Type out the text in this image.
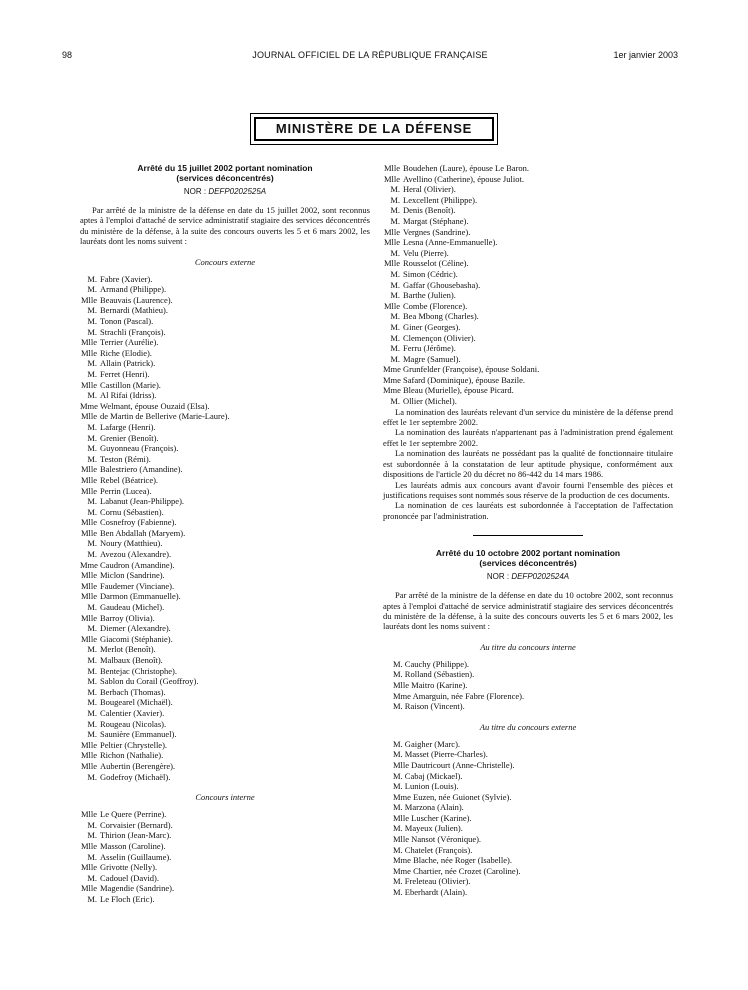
98	JOURNAL OFFICIEL DE LA RÉPUBLIQUE FRANÇAISE	1er janvier 2003
MINISTÈRE DE LA DÉFENSE
Arrêté du 15 juillet 2002 portant nomination
(services déconcentrés)
NOR : DEFP0202525A

Par arrêté de la ministre de la défense en date du 15 juillet 2002, sont reconnus aptes à l'emploi d'attaché de service administratif stagiaire des services déconcentrés du ministère de la défense, à la suite des concours ouverts les 5 et 6 mars 2002, les lauréats dont les noms suivent :

Concours externe
M. Fabre (Xavier).
M. Armand (Philippe).
Mlle Beauvais (Laurence).
M. Bernardi (Mathieu).
M. Tonon (Pascal).
M. Strachli (François).
Mlle Terrier (Aurélie).
Mlle Riche (Elodie).
M. Allain (Patrick).
M. Ferret (Henri).
Mlle Castillon (Marie).
M. Al Rifai (Idriss).
Mme Welmant, épouse Ouzaid (Elsa).
Mlle de Martin de Bellerive (Marie-Laure).
M. Lafarge (Henri).
M. Grenier (Benoît).
M. Guyonneau (François).
M. Teston (Rémi).
Mlle Balestriero (Amandine).
Mlle Rebel (Béatrice).
Mlle Perrin (Lucea).
M. Labanut (Jean-Philippe).
M. Cornu (Sébastien).
Mlle Cosnefroy (Fabienne).
Mlle Ben Abdallah (Maryem).
M. Noury (Matthieu).
M. Avezou (Alexandre).
Mme Caudron (Amandine).
Mlle Miclon (Sandrine).
Mlle Faudemer (Vinciane).
Mlle Darmon (Emmanuelle).
M. Gaudeau (Michel).
Mlle Barroy (Olivia).
M. Diemer (Alexandre).
Mlle Giacomi (Stéphanie).
M. Merlot (Benoît).
M. Malbaux (Benoît).
M. Bentejac (Christophe).
M. Sablon du Corail (Geoffroy).
M. Berbach (Thomas).
M. Bougearel (Michaël).
M. Calentier (Xavier).
M. Rougeau (Nicolas).
M. Saunière (Emmanuel).
Mlle Peltier (Chrystelle).
Mlle Richon (Nathalie).
Mlle Aubertin (Berengère).
M. Godefroy (Michaël).
Concours interne
Mlle Le Quere (Perrine).
M. Corvaisier (Bernard).
M. Thirion (Jean-Marc).
Mlle Masson (Caroline).
M. Asselin (Guillaume).
Mlle Grivotte (Nelly).
M. Cadouel (David).
Mlle Magendie (Sandrine).
M. Le Floch (Eric).
Mlle Boudehen (Laure), épouse Le Baron.
Mlle Avellino (Catherine), épouse Juliot.
M. Heral (Olivier).
M. Lexcellent (Philippe).
M. Denis (Benoît).
M. Margat (Stéphane).
Mlle Vergnes (Sandrine).
Mlle Lesna (Anne-Emmanuelle).
M. Velu (Pierre).
Mlle Rousselot (Céline).
M. Simon (Cédric).
M. Gaffar (Ghousebasha).
M. Barthe (Julien).
Mlle Combe (Florence).
M. Bea Mbong (Charles).
M. Giner (Georges).
M. Clemençon (Olivier).
M. Ferru (Jérôme).
M. Magre (Samuel).
Mme Grunfelder (Françoise), épouse Soldani.
Mme Safard (Dominique), épouse Bazile.
Mme Bleau (Murielle), épouse Picard.
M. Ollier (Michel).

La nomination des lauréats relevant d'un service du ministère de la défense prend effet le 1er septembre 2002.

La nomination des lauréats n'appartenant pas à l'administration prend également effet le 1er septembre 2002.

La nomination des lauréats ne possédant pas la qualité de fonctionnaire titulaire est subordonnée à la constatation de leur aptitude physique, conformément aux dispositions de l'article 20 du décret no 86-442 du 14 mars 1986.

Les lauréats admis aux concours avant d'avoir fourni l'ensemble des pièces et justifications requises sont nommés sous réserve de la production de ces documents.

La nomination de ces lauréats est subordonnée à l'acceptation de l'affectation prononcée par l'administration.

Arrêté du 10 octobre 2002 portant nomination
(services déconcentrés)
NOR : DEFP0202524A

Par arrêté de la ministre de la défense en date du 10 octobre 2002, sont reconnus aptes à l'emploi d'attaché de service administratif stagiaire des services déconcentrés du ministère de la défense, à la suite des concours ouverts les 5 et 6 mars 2002, les lauréats dont les noms suivent :

Au titre du concours interne
M. Cauchy (Philippe).
M. Rolland (Sébastien).
Mlle Maitro (Karine).
Mme Amarguin, née Fabre (Florence).
M. Raison (Vincent).
Au titre du concours externe
M. Gaigher (Marc).
M. Masset (Pierre-Charles).
Mlle Dautricourt (Anne-Christelle).
M. Cabaj (Mickael).
M. Lunion (Louis).
Mme Euzen, née Guionet (Sylvie).
M. Marzona (Alain).
Mlle Luscher (Karine).
M. Mayeux (Julien).
Mlle Nansot (Véronique).
M. Chatelet (François).
Mme Blache, née Roger (Isabelle).
Mme Chartier, née Crozet (Caroline).
M. Freleteau (Olivier).
M. Eberhardt (Alain).
